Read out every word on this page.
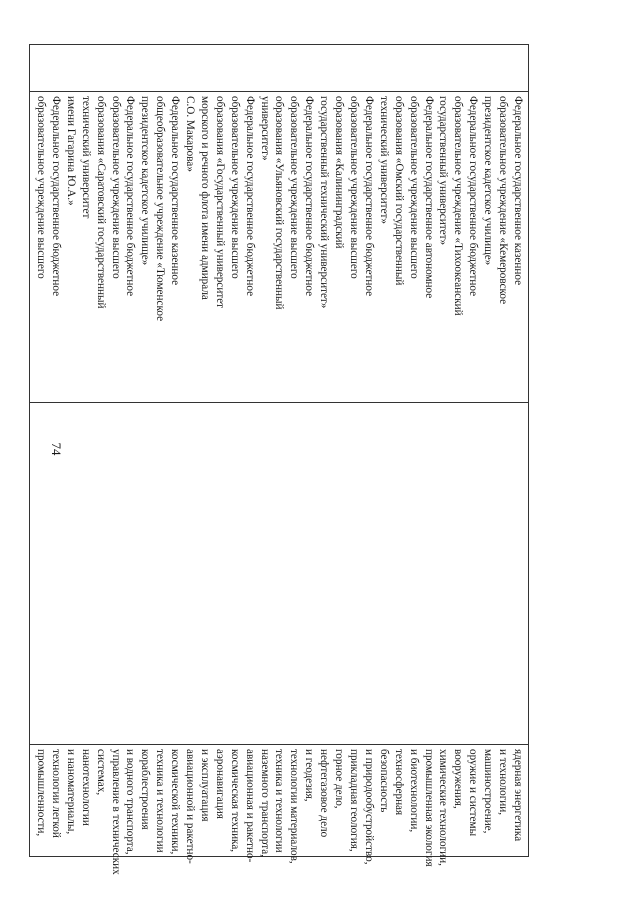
74

Федеральное государственное казенное
образовательное учреждение «Кемеровское
президентское кадетское училище»
Федеральное государственное бюджетное
образовательное учреждение «Тихоокеанский
государственный университет»
Федеральное государственное автономное
образовательное учреждение высшего
образования «Омский государственный
технический университет»
Федеральное государственное бюджетное
образовательное учреждение высшего
образования «Калининградский
государственный технический университет»
Федеральное государственное бюджетное
образовательное учреждение высшего
образования «Ульяновский государственный
университет»
Федеральное государственное бюджетное
образовательное учреждение высшего
образования «Государственный университет
морского и речного флота имени адмирала
С.О. Макарова»
Федеральное государственное казенное
общеобразовательное учреждение «Тюменское
президентское кадетское училище»
Федеральное государственное бюджетное
образовательное учреждение высшего
образования «Саратовский государственный
технический университет
имени Гагарина Ю.А.»
Федеральное государственное бюджетное
образовательное учреждение высшего

ядерная энергетика
и технологии,
машиностроение,
оружие и системы
вооружения,
химические технологии,
промышленная экология
и биотехнологии,
техносферная
безопасность
и природообустройство,
прикладная геология,
горное дело,
нефтегазовое дело
и геодезия,
технологии материалов,
техника и технологии
наземного транспорта,
авиационная и ракетно-
космическая техника,
аэронавигация
и эксплуатация
авиационной и ракетно-
космической техники,
техника и технологии
кораблестроения
и водного транспорта,
управление в технических
системах,
нанотехнологии
и наноматериалы,
технологии легкой
промышленности,
